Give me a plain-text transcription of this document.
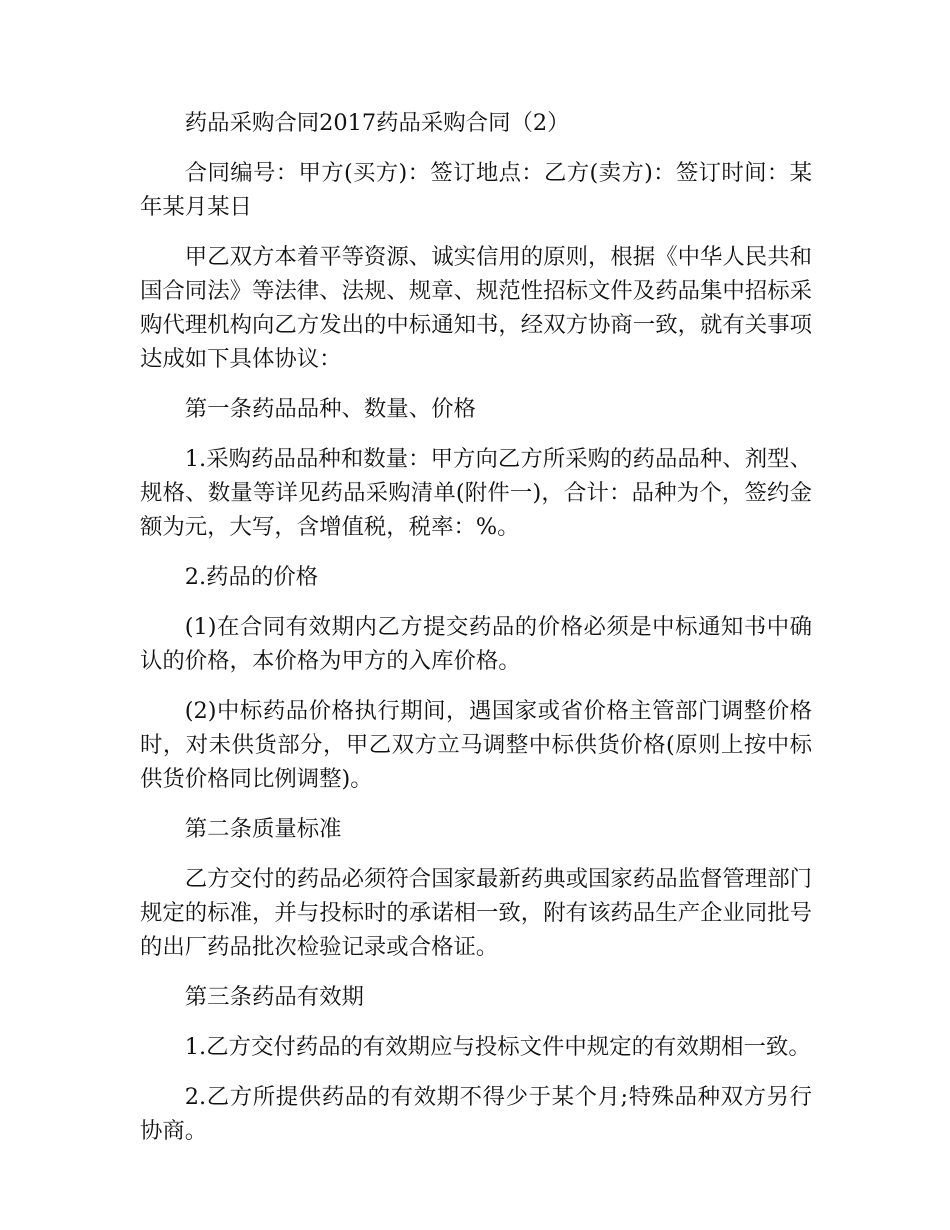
药品采购合同2017药品采购合同（2）

合同编号：甲方(买方)：签订地点：乙方(卖方)：签订时间：某年某月某日

甲乙双方本着平等资源、诚实信用的原则，根据《中华人民共和国合同法》等法律、法规、规章、规范性招标文件及药品集中招标采购代理机构向乙方发出的中标通知书，经双方协商一致，就有关事项达成如下具体协议：

第一条药品品种、数量、价格

1.采购药品品种和数量：甲方向乙方所采购的药品品种、剂型、规格、数量等详见药品采购清单(附件一)，合计：品种为个，签约金额为元，大写，含增值税，税率：%。

2.药品的价格

(1)在合同有效期内乙方提交药品的价格必须是中标通知书中确认的价格，本价格为甲方的入库价格。

(2)中标药品价格执行期间，遇国家或省价格主管部门调整价格时，对未供货部分，甲乙双方立马调整中标供货价格(原则上按中标供货价格同比例调整)。

第二条质量标准

乙方交付的药品必须符合国家最新药典或国家药品监督管理部门规定的标准，并与投标时的承诺相一致，附有该药品生产企业同批号的出厂药品批次检验记录或合格证。

第三条药品有效期

1.乙方交付药品的有效期应与投标文件中规定的有效期相一致。

2.乙方所提供药品的有效期不得少于某个月;特殊品种双方另行协商。
